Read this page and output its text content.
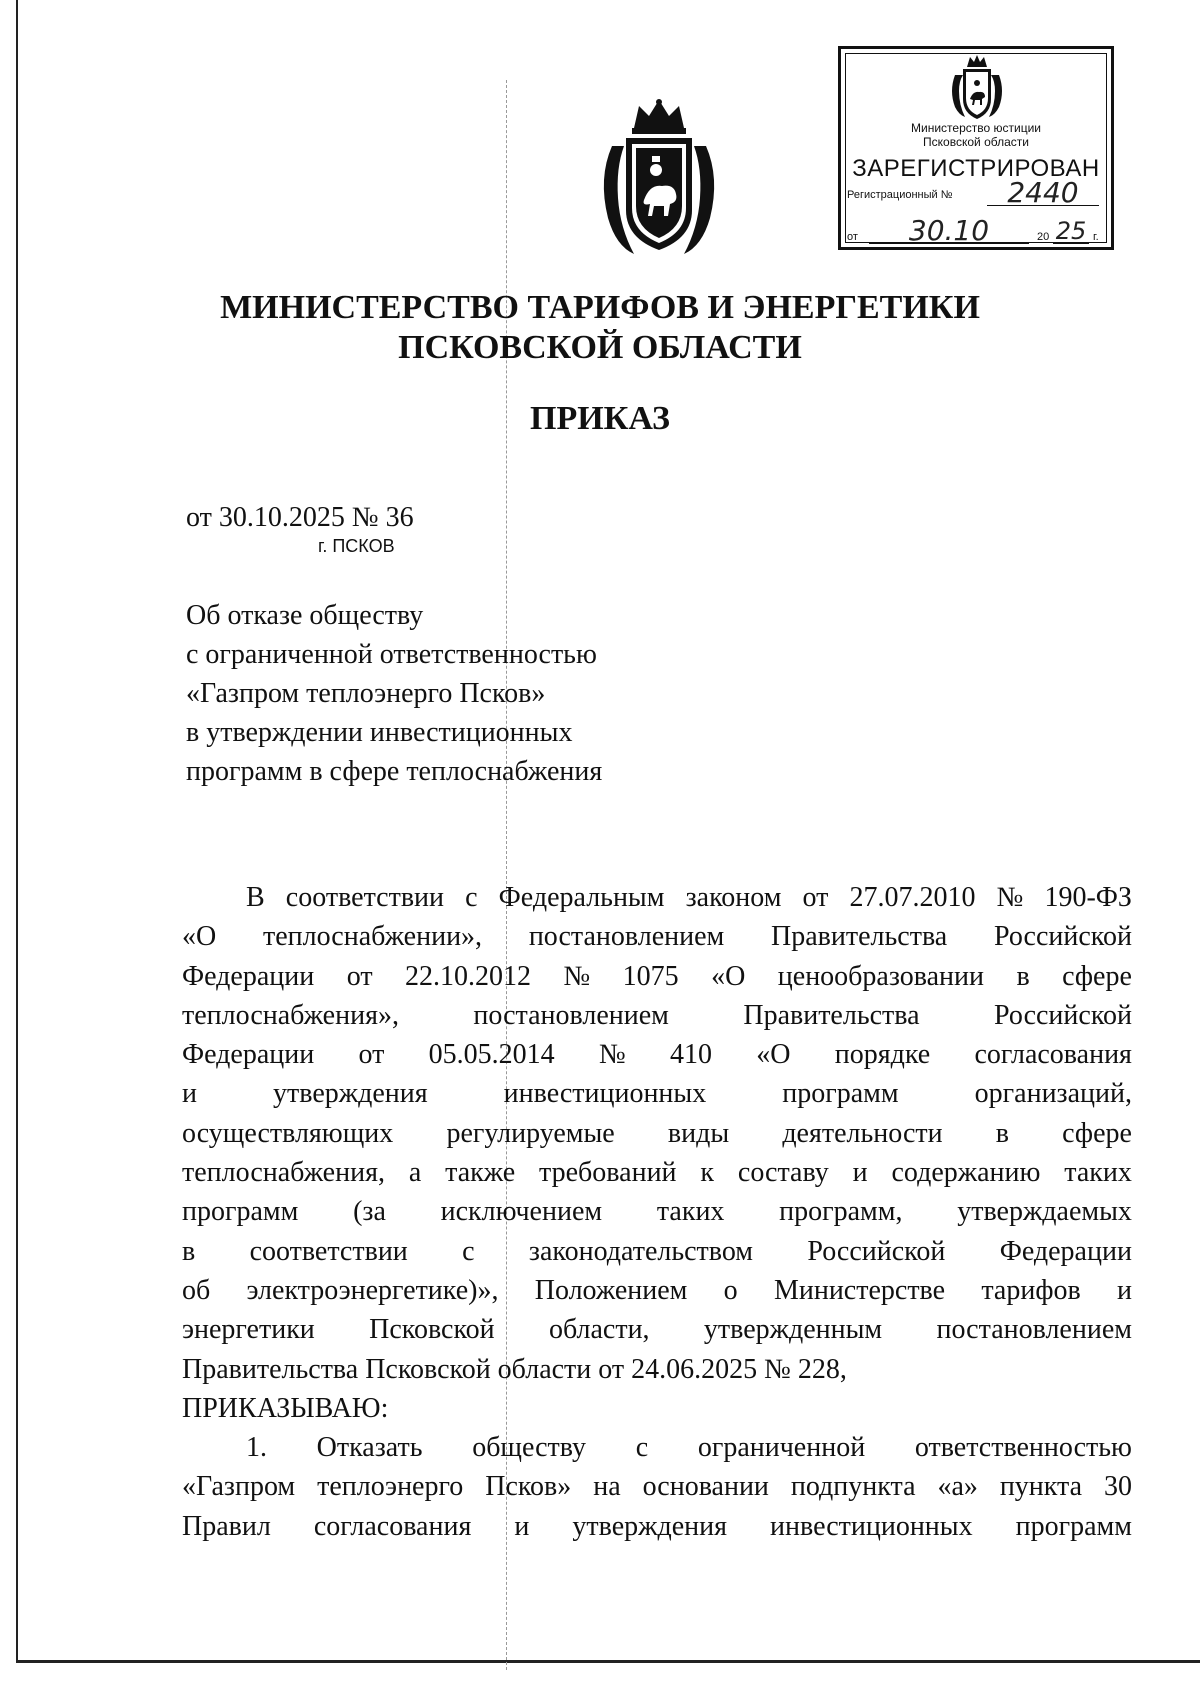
Министерство юстиции
Псковской области
ЗАРЕГИСТРИРОВАН
Регистрационный №	2440
от	30.10	20 25 г.
МИНИСТЕРСТВО ТАРИФОВ И ЭНЕРГЕТИКИ
ПСКОВСКОЙ ОБЛАСТИ
ПРИКАЗ
от 30.10.2025 № 36
г. ПСКОВ
Об отказе обществу
с ограниченной ответственностью
«Газпром теплоэнерго Псков»
в утверждении инвестиционных
программ в сфере теплоснабжения
В соответствии с Федеральным законом от 27.07.2010 № 190-ФЗ
«О теплоснабжении», постановлением Правительства Российской
Федерации от 22.10.2012 № 1075 «О ценообразовании в сфере
теплоснабжения»,	постановлением	Правительства	Российской
Федерации от 05.05.2014 № 410 «О порядке согласования
и	утверждения	инвестиционных	программ	организаций,
осуществляющих регулируемые виды деятельности в сфере
теплоснабжения, а также требований к составу и содержанию таких
программ (за исключением таких программ, утверждаемых
в соответствии с законодательством Российской Федерации
об электроэнергетике)», Положением о Министерстве тарифов и
энергетики Псковской области, утвержденным постановлением
Правительства Псковской области от 24.06.2025 № 228,
ПРИКАЗЫВАЮ:
1. Отказать обществу с ограниченной ответственностью
«Газпром теплоэнерго Псков» на основании подпункта «а» пункта 30
Правил согласования и утверждения инвестиционных программ
